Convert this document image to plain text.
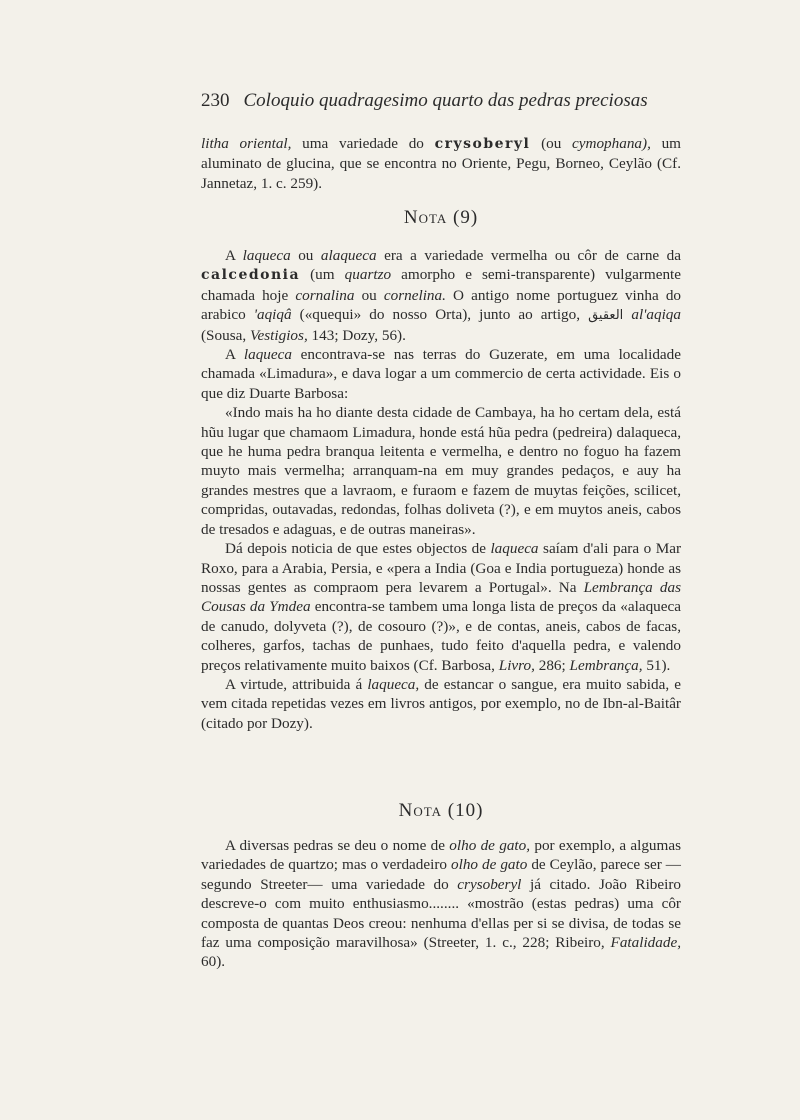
230 Coloquio quadragesimo quarto das pedras preciosas

litha oriental, uma variedade do crysoberyl (ou cymophana), um aluminato de glucina, que se encontra no Oriente, Pegu, Borneo, Ceylão (Cf. Jannetaz, 1. c. 259).

Nota (9)

A laqueca ou alaqueca era a variedade vermelha ou côr de carne da calcedonia (um quartzo amorpho e semi-transparente) vulgarmente chamada hoje cornalina ou cornelina. O antigo nome portuguez vinha do arabico 'aqiqâ («quequi» do nosso Orta), junto ao artigo, العقيق al'aqiqa (Sousa, Vestigios, 143; Dozy, 56).

A laqueca encontrava-se nas terras do Guzerate, em uma localidade chamada «Limadura», e dava logar a um commercio de certa actividade. Eis o que diz Duarte Barbosa:

«Indo mais ha ho diante desta cidade de Cambaya, ha ho certam dela, está hũu lugar que chamaom Limadura, honde está hũa pedra (pedreira) dalaqueca, que he huma pedra branqua leitenta e vermelha, e dentro no foguo ha fazem muyto mais vermelha; arranquam-na em muy grandes pedaços, e auy ha grandes mestres que a lavraom, e furaom e fazem de muytas feições, scilicet, compridas, outavadas, redondas, folhas doliveta (?), e em muytos aneis, cabos de tresados e adaguas, e de outras maneiras».

Dá depois noticia de que estes objectos de laqueca saíam d'ali para o Mar Roxo, para a Arabia, Persia, e «pera a India (Goa e India portugueza) honde as nossas gentes as compraom pera levarem a Portugal». Na Lembrança das Cousas da Ymdea encontra-se tambem uma longa lista de preços da «alaqueca de canudo, dolyveta (?), de cosouro (?)», e de contas, aneis, cabos de facas, colheres, garfos, tachas de punhaes, tudo feito d'aquella pedra, e valendo preços relativamente muito baixos (Cf. Barbosa, Livro, 286; Lembrança, 51).

A virtude, attribuida á laqueca, de estancar o sangue, era muito sabida, e vem citada repetidas vezes em livros antigos, por exemplo, no de Ibn-al-Baitâr (citado por Dozy).

Nota (10)

A diversas pedras se deu o nome de olho de gato, por exemplo, a algumas variedades de quartzo; mas o verdadeiro olho de gato de Ceylão, parece ser —segundo Streeter— uma variedade do crysoberyl já citado. João Ribeiro descreve-o com muito enthusiasmo........ «mostrão (estas pedras) uma côr composta de quantas Deos creou: nenhuma d'ellas per si se divisa, de todas se faz uma composição maravilhosa» (Streeter, 1. c., 228; Ribeiro, Fatalidade, 60).
